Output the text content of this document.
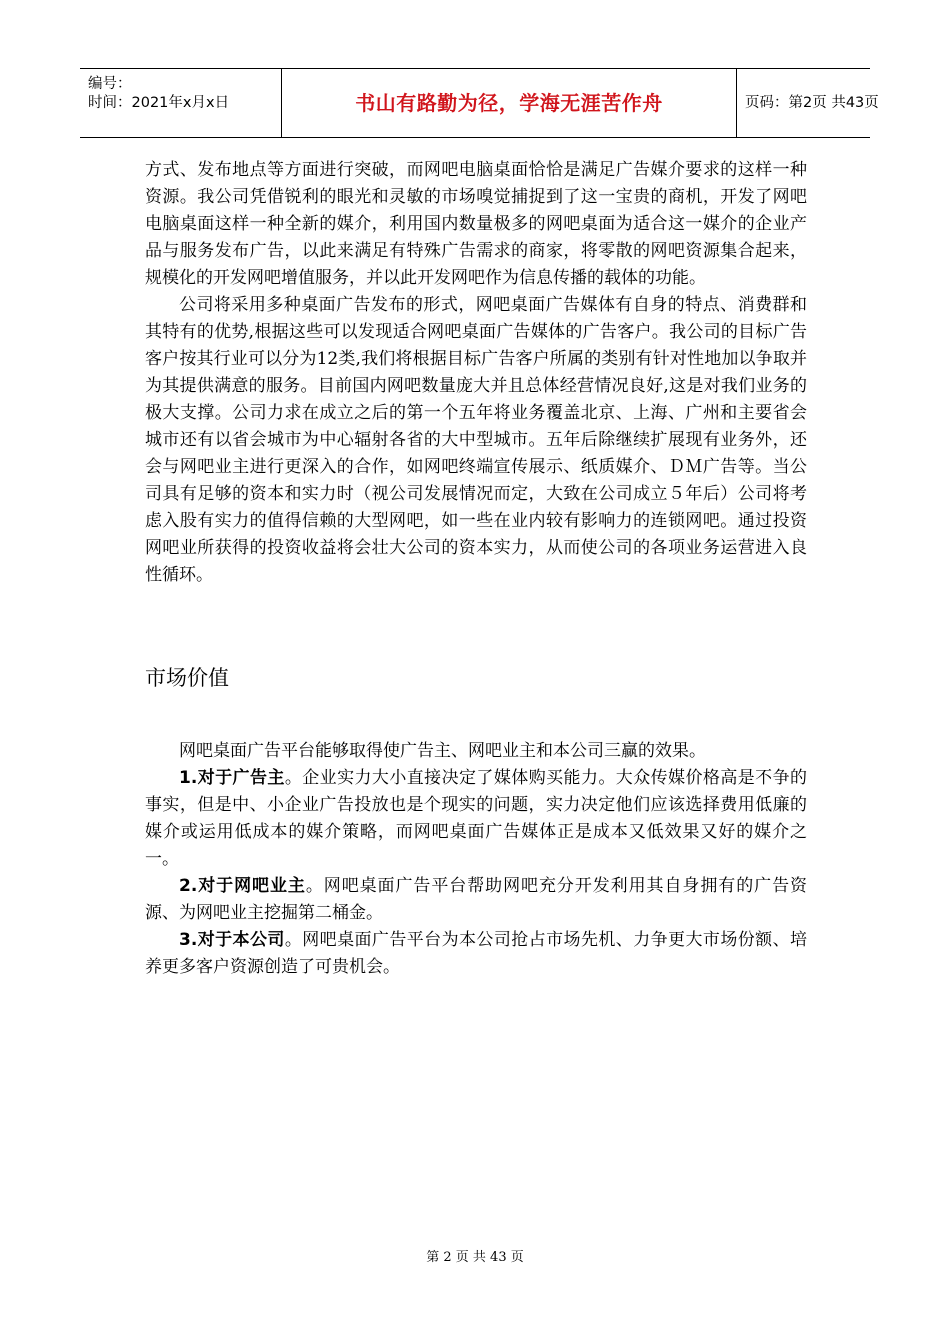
编号：
时间：2021年x月x日	书山有路勤为径，学海无涯苦作舟	页码：第2页 共43页

方式、发布地点等方面进行突破，而网吧电脑桌面恰恰是满足广告媒介要求的这样一种资源。我公司凭借锐利的眼光和灵敏的市场嗅觉捕捉到了这一宝贵的商机，开发了网吧电脑桌面这样一种全新的媒介，利用国内数量极多的网吧桌面为适合这一媒介的企业产品与服务发布广告，以此来满足有特殊广告需求的商家，将零散的网吧资源集合起来，规模化的开发网吧增值服务，并以此开发网吧作为信息传播的载体的功能。

公司将采用多种桌面广告发布的形式，网吧桌面广告媒体有自身的特点、消费群和其特有的优势,根据这些可以发现适合网吧桌面广告媒体的广告客户。我公司的目标广告客户按其行业可以分为12类,我们将根据目标广告客户所属的类别有针对性地加以争取并为其提供满意的服务。目前国内网吧数量庞大并且总体经营情况良好,这是对我们业务的极大支撑。公司力求在成立之后的第一个五年将业务覆盖北京、上海、广州和主要省会城市还有以省会城市为中心辐射各省的大中型城市。五年后除继续扩展现有业务外，还会与网吧业主进行更深入的合作，如网吧终端宣传展示、纸质媒介、ＤＭ广告等。当公司具有足够的资本和实力时（视公司发展情况而定，大致在公司成立５年后）公司将考虑入股有实力的值得信赖的大型网吧，如一些在业内较有影响力的连锁网吧。通过投资网吧业所获得的投资收益将会壮大公司的资本实力，从而使公司的各项业务运营进入良性循环。

市场价值

网吧桌面广告平台能够取得使广告主、网吧业主和本公司三赢的效果。

1.对于广告主。企业实力大小直接决定了媒体购买能力。大众传媒价格高是不争的事实，但是中、小企业广告投放也是个现实的问题，实力决定他们应该选择费用低廉的媒介或运用低成本的媒介策略，而网吧桌面广告媒体正是成本又低效果又好的媒介之一。

2.对于网吧业主。网吧桌面广告平台帮助网吧充分开发利用其自身拥有的广告资源、为网吧业主挖掘第二桶金。

3.对于本公司。网吧桌面广告平台为本公司抢占市场先机、力争更大市场份额、培养更多客户资源创造了可贵机会。

第 2 页 共 43 页
